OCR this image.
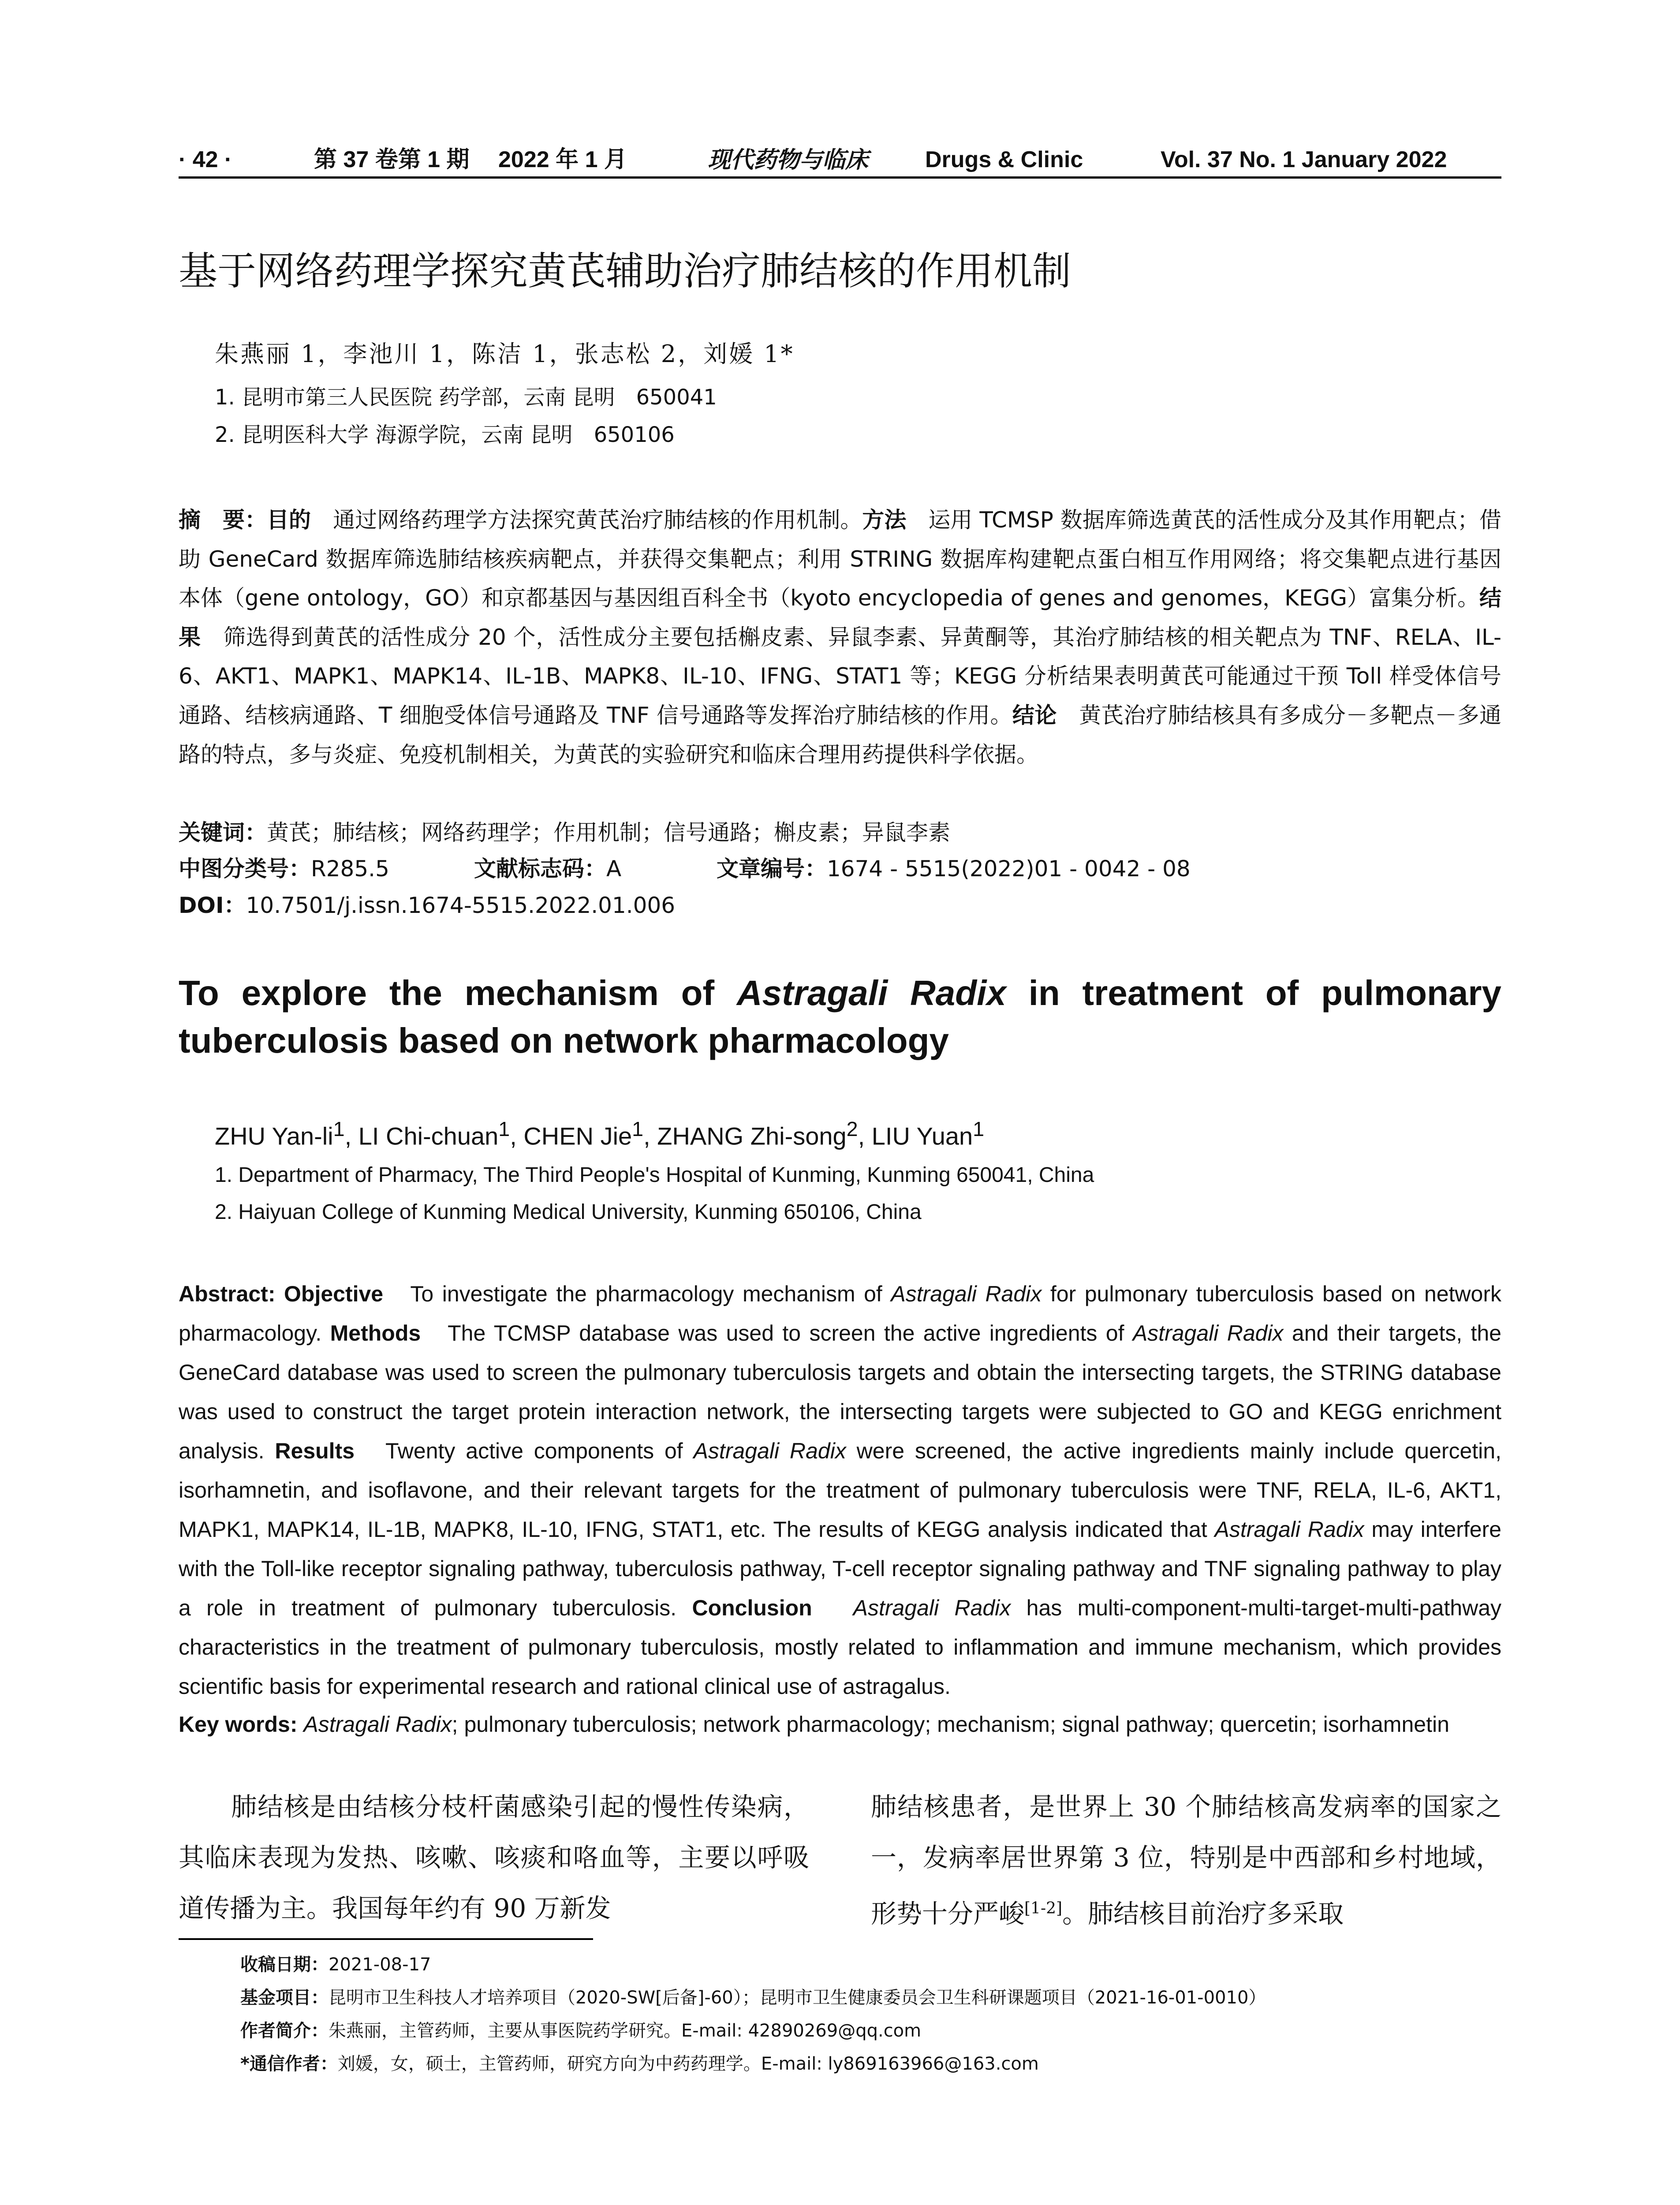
· 42 ·	第 37 卷第 1 期 2022 年 1 月	现代药物与临床 Drugs & Clinic	Vol. 37 No. 1 January 2022
基于网络药理学探究黄芪辅助治疗肺结核的作用机制
朱燕丽 1，李池川 1，陈洁 1，张志松 2，刘媛 1*
1. 昆明市第三人民医院 药学部，云南 昆明　650041
2. 昆明医科大学 海源学院，云南 昆明　650106
摘　要：目的　通过网络药理学方法探究黄芪治疗肺结核的作用机制。方法　运用 TCMSP 数据库筛选黄芪的活性成分及其作用靶点；借助 GeneCard 数据库筛选肺结核疾病靶点，并获得交集靶点；利用 STRING 数据库构建靶点蛋白相互作用网络；将交集靶点进行基因本体（gene ontology，GO）和京都基因与基因组百科全书（kyoto encyclopedia of genes and genomes，KEGG）富集分析。结果　筛选得到黄芪的活性成分 20 个，活性成分主要包括槲皮素、异鼠李素、异黄酮等，其治疗肺结核的相关靶点为 TNF、RELA、IL-6、AKT1、MAPK1、MAPK14、IL-1B、MAPK8、IL-10、IFNG、STAT1 等；KEGG 分析结果表明黄芪可能通过干预 Toll 样受体信号通路、结核病通路、T 细胞受体信号通路及 TNF 信号通路等发挥治疗肺结核的作用。结论　黄芪治疗肺结核具有多成分－多靶点－多通路的特点，多与炎症、免疫机制相关，为黄芪的实验研究和临床合理用药提供科学依据。
关键词：黄芪；肺结核；网络药理学；作用机制；信号通路；槲皮素；异鼠李素
中图分类号：R285.5	文献标志码：A	文章编号：1674 - 5515(2022)01 - 0042 - 08
DOI：10.7501/j.issn.1674-5515.2022.01.006
To explore the mechanism of Astragali Radix in treatment of pulmonary tuberculosis based on network pharmacology
ZHU Yan-$li^1$, LI Chi-chuan$^1$, CHEN Jie$^1$, ZHANG Zhi-song$^2$, LIU Yuan$^1$
1. Department of Pharmacy, The Third People's Hospital of Kunming, Kunming 650041, China
2. Haiyuan College of Kunming Medical University, Kunming 650106, China
Abstract: Objective　To investigate the pharmacology mechanism of Astragali Radix for pulmonary tuberculosis based on network pharmacology. Methods　The TCMSP database was used to screen the active ingredients of Astragali Radix and their targets, the GeneCard database was used to screen the pulmonary tuberculosis targets and obtain the intersecting targets, the STRING database was used to construct the target protein interaction network, the intersecting targets were subjected to GO and KEGG enrichment analysis. Results　Twenty active components of Astragali Radix were screened, the active ingredients mainly include quercetin, isorhamnetin, and isoflavone, and their relevant targets for the treatment of pulmonary tuberculosis were TNF, RELA, IL-6, AKT1, MAPK1, MAPK14, IL-1B, MAPK8, IL-10, IFNG, STAT1, etc. The results of KEGG analysis indicated that Astragali Radix may interfere with the Toll-like receptor signaling pathway, tuberculosis pathway, T-cell receptor signaling pathway and TNF signaling pathway to play a role in treatment of pulmonary tuberculosis. Conclusion　 Astragali Radix has multi-component-multi-target-multi-pathway characteristics in the treatment of pulmonary tuberculosis, mostly related to inflammation and immune mechanism, which provides scientific basis for experimental research and rational clinical use of astragalus.
Key words: Astragali Radix; pulmonary tuberculosis; network pharmacology; mechanism; signal pathway; quercetin; isorhamnetin
　　肺结核是由结核分枝杆菌感染引起的慢性传染病，其临床表现为发热、咳嗽、咳痰和咯血等，主要以呼吸道传播为主。我国每年约有 90 万新发
肺结核患者，是世界上 30 个肺结核高发病率的国家之一，发病率居世界第 3 位，特别是中西部和乡村地域，形势十分严峻[1-2]。肺结核目前治疗多采取
收稿日期：2021-08-17
基金项目：昆明市卫生科技人才培养项目（2020-SW[后备]-60）；昆明市卫生健康委员会卫生科研课题项目（2021-16-01-0010）
作者简介：朱燕丽，主管药师，主要从事医院药学研究。E-mail: 42890269@qq.com
*通信作者：刘媛，女，硕士，主管药师，研究方向为中药药理学。E-mail: ly869163966@163.com
